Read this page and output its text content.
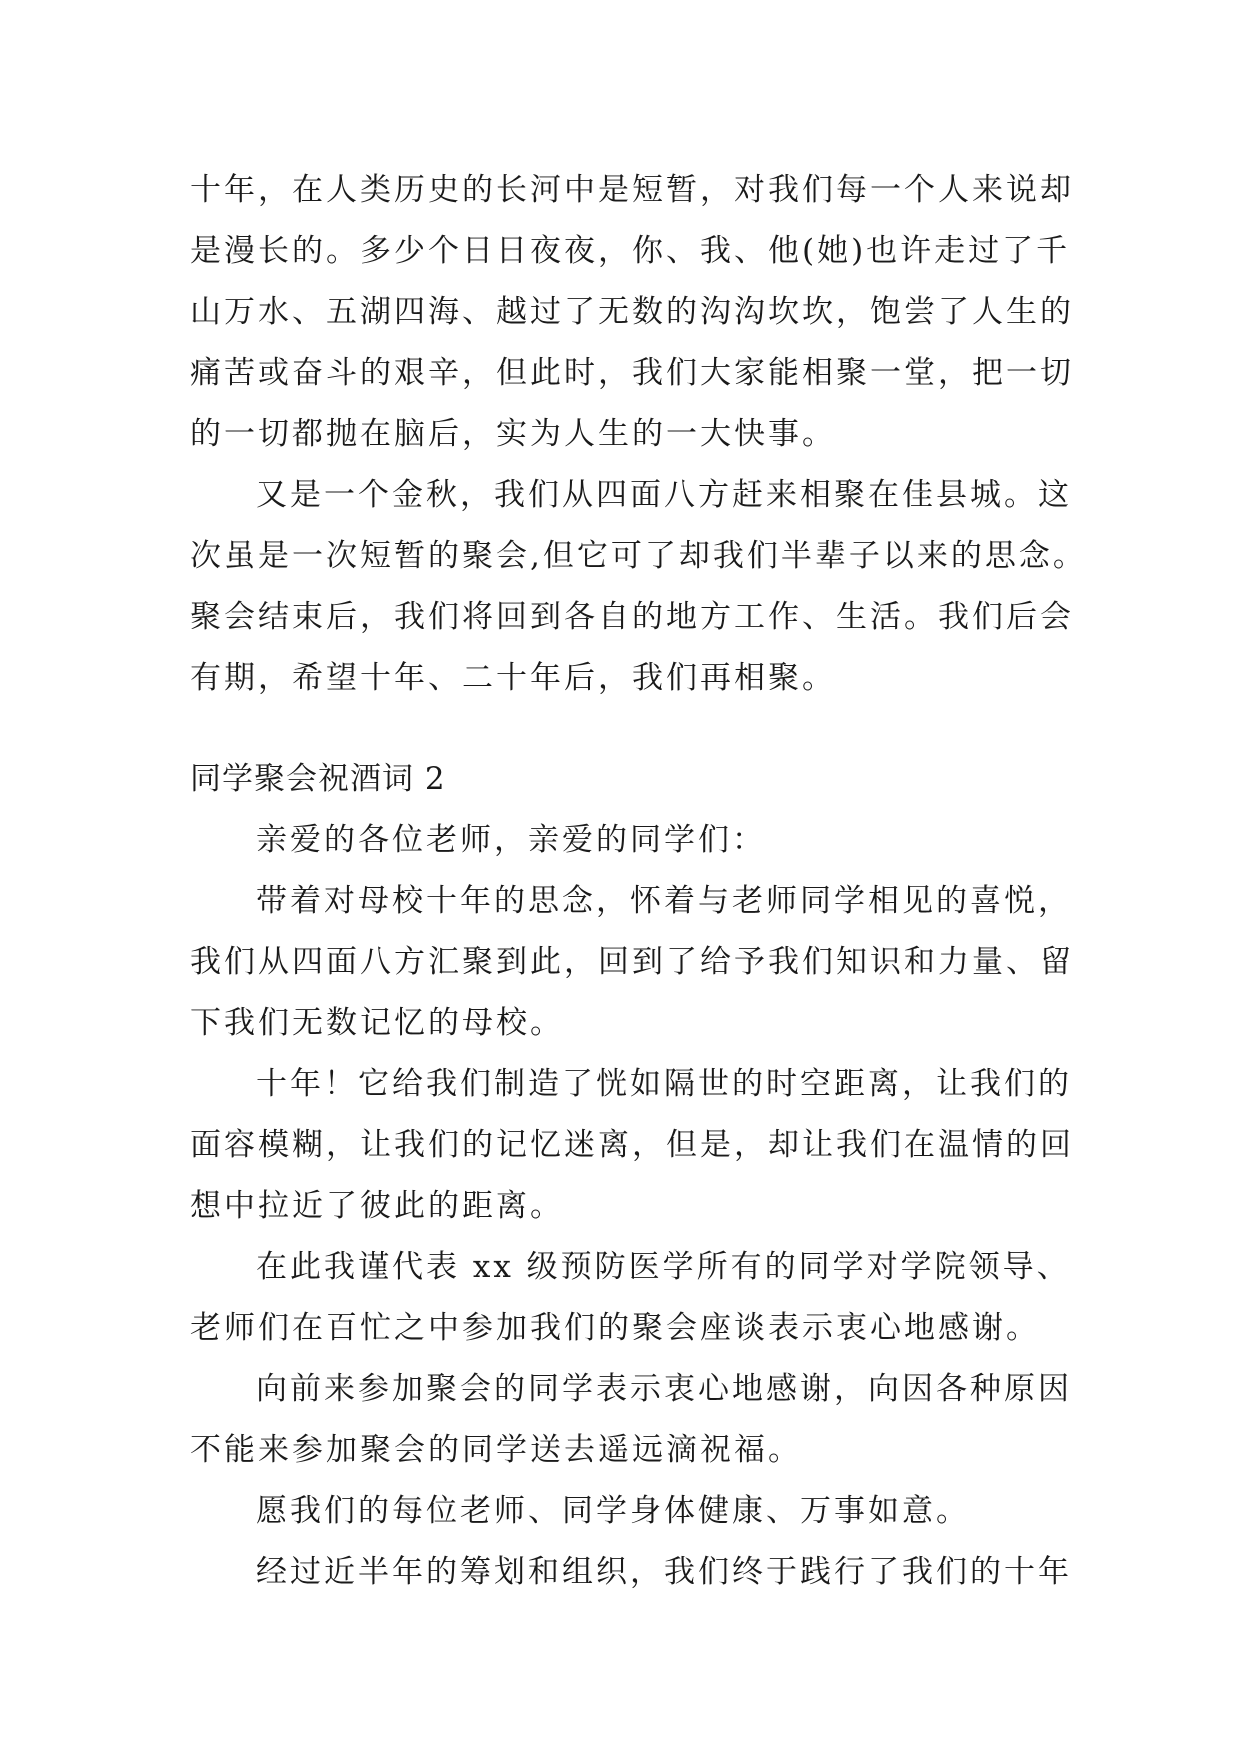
十年，在人类历史的长河中是短暂，对我们每一个人来说却
是漫长的。多少个日日夜夜，你、我、他(她)也许走过了千
山万水、五湖四海、越过了无数的沟沟坎坎，饱尝了人生的
痛苦或奋斗的艰辛，但此时，我们大家能相聚一堂，把一切
的一切都抛在脑后，实为人生的一大快事。
又是一个金秋，我们从四面八方赶来相聚在佳县城。这
次虽是一次短暂的聚会,但它可了却我们半辈子以来的思念。
聚会结束后，我们将回到各自的地方工作、生活。我们后会
有期，希望十年、二十年后，我们再相聚。
同学聚会祝酒词 2
亲爱的各位老师，亲爱的同学们：
带着对母校十年的思念，怀着与老师同学相见的喜悦，
我们从四面八方汇聚到此，回到了给予我们知识和力量、留
下我们无数记忆的母校。
十年！它给我们制造了恍如隔世的时空距离，让我们的
面容模糊，让我们的记忆迷离，但是，却让我们在温情的回
想中拉近了彼此的距离。
在此我谨代表 xx 级预防医学所有的同学对学院领导、
老师们在百忙之中参加我们的聚会座谈表示衷心地感谢。
向前来参加聚会的同学表示衷心地感谢，向因各种原因
不能来参加聚会的同学送去遥远滴祝福。
愿我们的每位老师、同学身体健康、万事如意。
经过近半年的筹划和组织，我们终于践行了我们的十年
